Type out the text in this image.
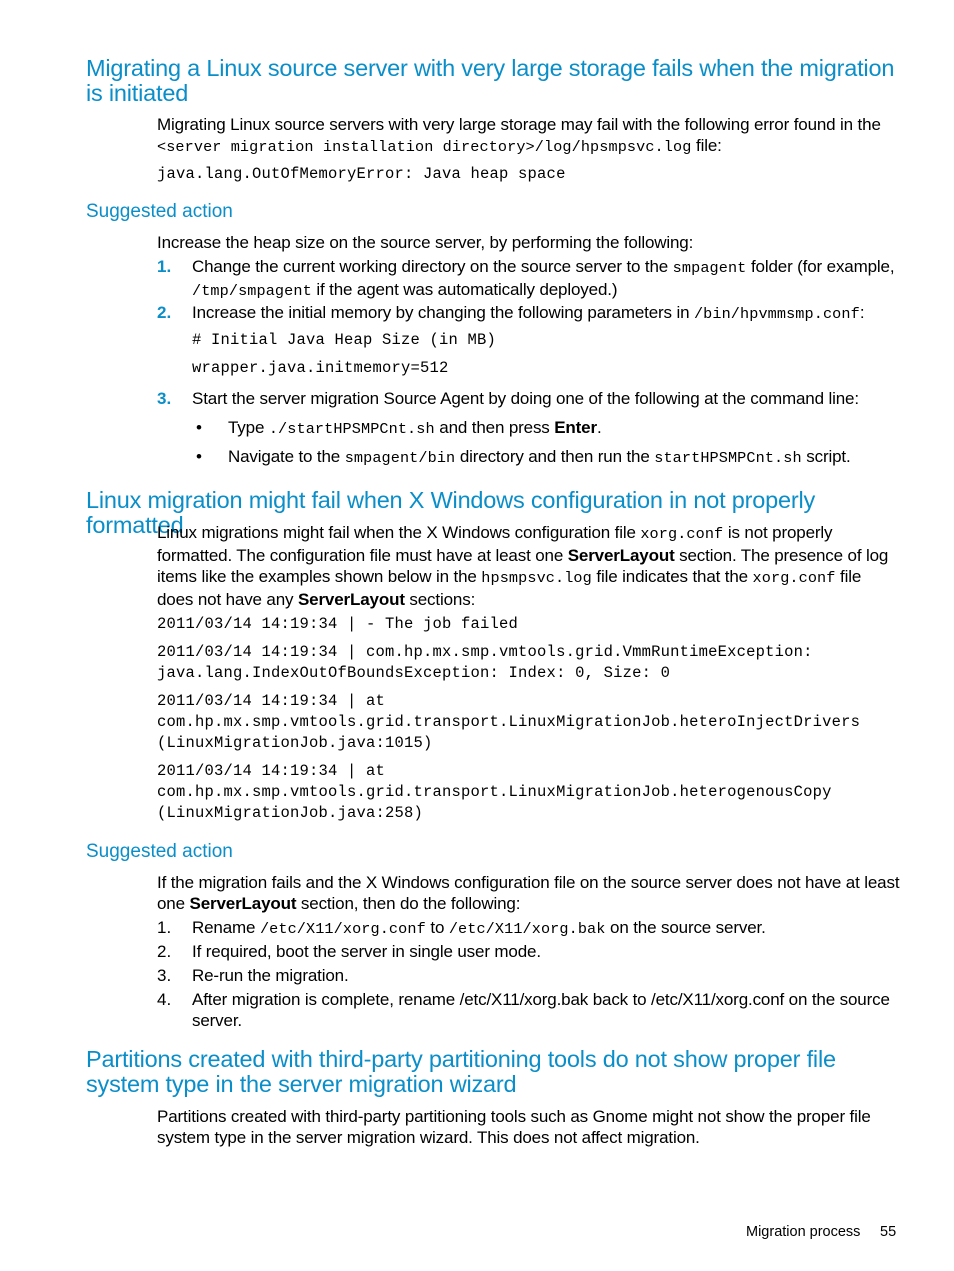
Migrating a Linux source server with very large storage fails when the migration is initiated

Migrating Linux source servers with very large storage may fail with the following error found in the <server migration installation directory>/log/hpsmpsvc.log file:

java.lang.OutOfMemoryError: Java heap space
Suggested action

Increase the heap size on the source server, by performing the following:

1. Change the current working directory on the source server to the smpagent folder (for example, /tmp/smpagent if the agent was automatically deployed.)
2. Increase the initial memory by changing the following parameters in /bin/hpvmmsmp.conf:
# Initial Java Heap Size (in MB)
wrapper.java.initmemory=512
3. Start the server migration Source Agent by doing one of the following at the command line:
• Type ./startHPSMPCnt.sh and then press Enter.
• Navigate to the smpagent/bin directory and then run the startHPSMPCnt.sh script.
Linux migration might fail when X Windows configuration in not properly formatted

Linux migrations might fail when the X Windows configuration file xorg.conf is not properly formatted. The configuration file must have at least one ServerLayout section. The presence of log items like the examples shown below in the hpsmpsvc.log file indicates that the xorg.conf file does not have any ServerLayout sections:

2011/03/14 14:19:34 | - The job failed
2011/03/14 14:19:34 | com.hp.mx.smp.vmtools.grid.VmmRuntimeException:
java.lang.IndexOutOfBoundsException: Index: 0, Size: 0
2011/03/14 14:19:34 | at
com.hp.mx.smp.vmtools.grid.transport.LinuxMigrationJob.heteroInjectDrivers
(LinuxMigrationJob.java:1015)
2011/03/14 14:19:34 | at
com.hp.mx.smp.vmtools.grid.transport.LinuxMigrationJob.heterogenousCopy
(LinuxMigrationJob.java:258)
Suggested action

If the migration fails and the X Windows configuration file on the source server does not have at least one ServerLayout section, then do the following:

1. Rename /etc/X11/xorg.conf to /etc/X11/xorg.bak on the source server.
2. If required, boot the server in single user mode.
3. Re-run the migration.
4. After migration is complete, rename /etc/X11/xorg.bak back to /etc/X11/xorg.conf on the source server.
Partitions created with third-party partitioning tools do not show proper file system type in the server migration wizard

Partitions created with third-party partitioning tools such as Gnome might not show the proper file system type in the server migration wizard. This does not affect migration.

Migration process 55
